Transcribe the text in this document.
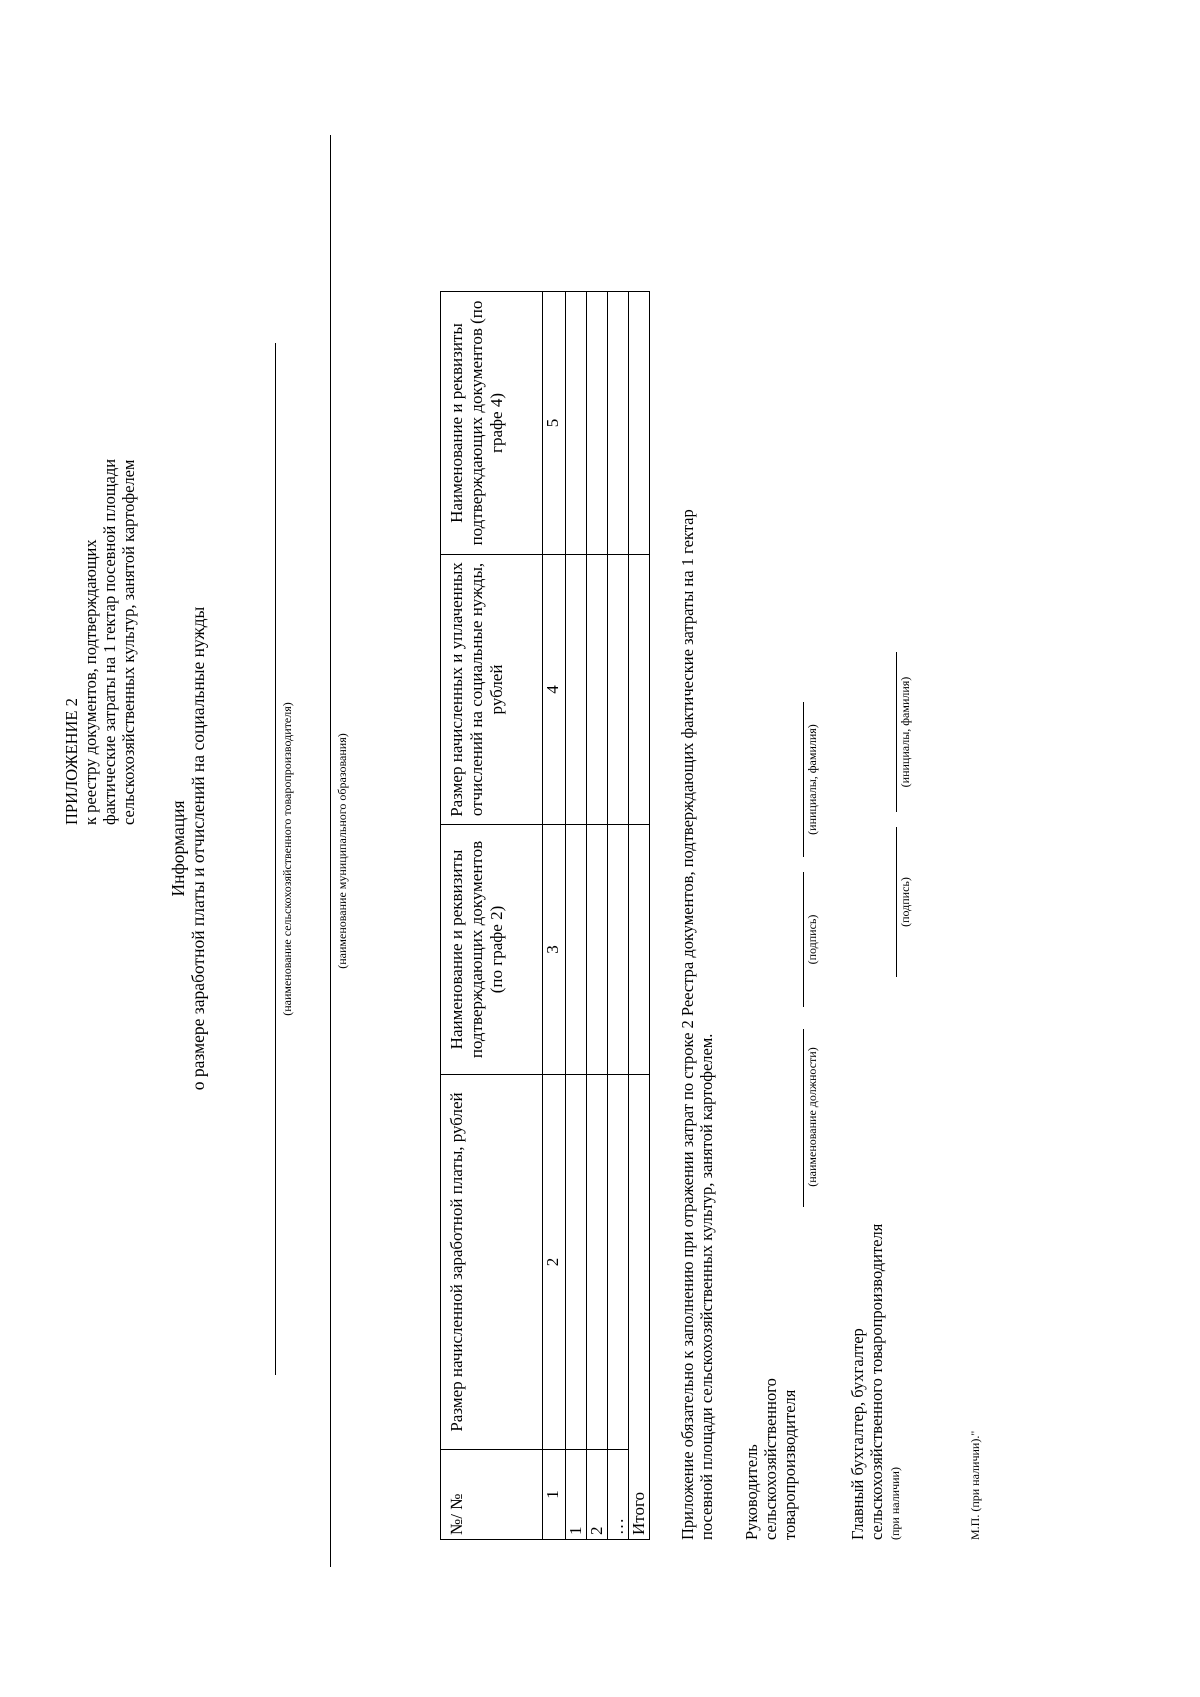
ПРИЛОЖЕНИЕ 2 к реестру документов, подтверждающих фактические затраты на 1 гектар посевной площади сельскохозяйственных культур, занятой картофелем
Информация о размере заработной платы и отчислений на социальные нужды	(наименование сельскохозяйственного товаропроизводителя)	(наименование муниципального образования)
№/ №	Размер начисленной заработной платы, рублей	Наименование и реквизиты подтверждающих документов (по графе 2)	Размер начисленных и уплаченных отчислений на социальные нужды, рублей	Наименование и реквизиты подтверждающих документов (по графе 4)
1	2	3	4	5
1				
2				
…				
Итого				Приложение обязательно к заполнению при отражении затрат по строке 2 Реестра документов, подтверждающих фактические затраты на 1 гектар посевной площади сельскохозяйственных культур, занятой картофелем. Руководитель сельскохозяйственного товаропроизводителя
(наименование должности)
(подпись)
(инициалы, фамилия)
Главный бухгалтер, бухгалтер сельскохозяйственного товаропроизводителя (при наличии)
(подпись)
(инициалы, фамилия)
М.П. (при наличии)."
